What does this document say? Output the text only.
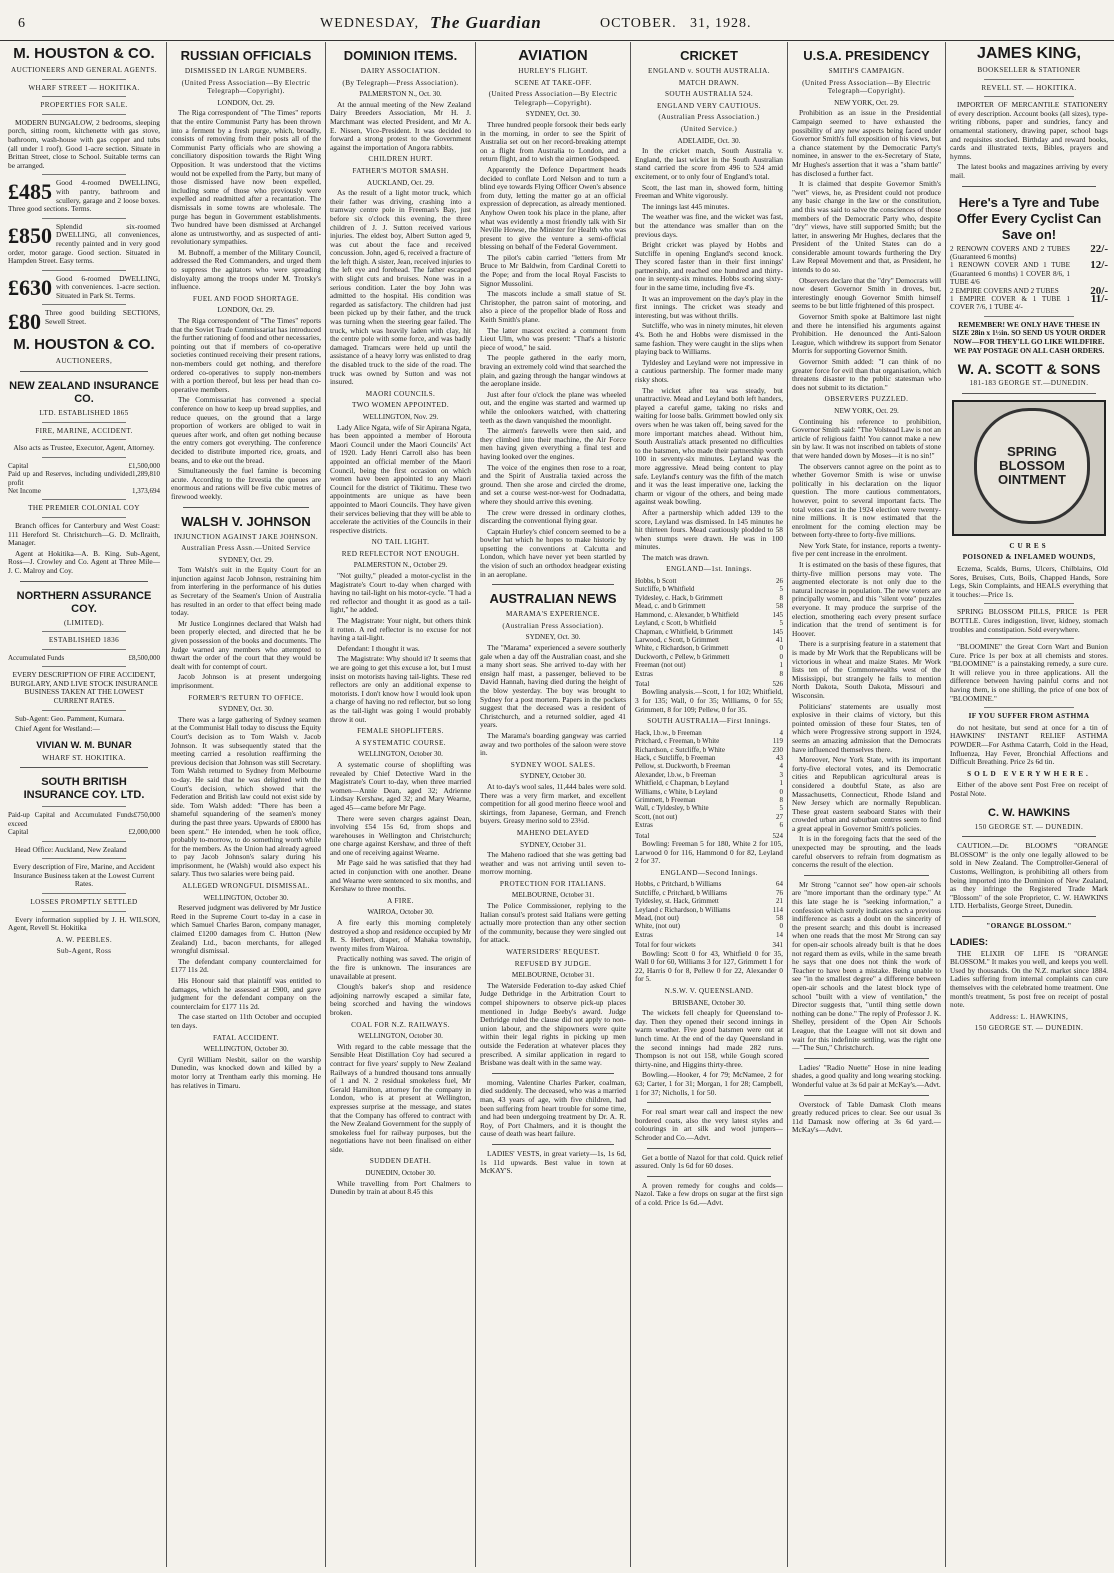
6	WEDNESDAY, The Guardian	OCTOBER. 31, 1928.
M. HOUSTON & CO.
AUCTIONEERS AND GENERAL AGENTS.
WHARF STREET — HOKITIKA.
PROPERTIES FOR SALE.

MODERN BUNGALOW, 2 bedrooms, sleeping porch, sitting room, kitchenette with gas stove, bathroom, wash-house with gas copper and tubs (all under 1 roof). Good 1-acre section. Situate in Brittan Street, close to School. Suitable terms can be arranged.

£485 Good 4-roomed DWELLING, with pantry, bathroom and scullery, garage and 2 loose boxes. Three good sections. Terms.
£850 Splendid six-roomed DWELLING, all conveniences, recently painted and in very good order, motor garage. Good section. Situated in Hampden Street. Easy terms.
£630 Good 6-roomed DWELLING, with conveniences. 1-acre section. Situated in Park St. Terms.
£80 Three good building SECTIONS, Sewell Street.
M. HOUSTON & CO.
AUCTIONEERS,
NEW ZEALAND INSURANCE CO.
LTD. ESTABLISHED 1865
FIRE, MARINE, ACCIDENT.
Also acts as Trustee, Executor, Agent, Attorney.
Capital	£1,500,000
Paid up and Reserves, including undivided profit
1,289,810
Net Income	1,373,694
THE PREMIER COLONIAL COY

Branch offices for Canterbury and West Coast: 111 Hereford St. Christchurch—G. D. McIlraith, Manager.

Agent at Hokitika—A. B. King. Sub-Agent, Ross—J. Crowley and Co. Agent at Three Mile—J. C. Malroy and Coy.

NORTHERN ASSURANCE COY.
(LIMITED).
ESTABLISHED 1836
Accumulated Funds	£8,500,000
EVERY DESCRIPTION OF FIRE ACCIDENT, BURGLARY, AND LIVE STOCK INSURANCE BUSINESS TAKEN AT THE LOWEST CURRENT RATES.

Sub-Agent: Geo. Pamment, Kumara.

Chief Agent for Westland:—

VIVIAN W. M. BUNAR
WHARF ST. HOKITIKA.
SOUTH BRITISH INSURANCE COY. LTD.
Paid-up Capital and Accumulated Funds exceed
£750,000
Capital	£2,000,000

Head Office: Auckland, New Zealand

Every description of Fire, Marine, and Accident Insurance Business taken at the Lowest Current Rates.
LOSSES PROMPTLY SETTLED

Every information supplied by J. H. WILSON, Agent, Revell St. Hokitika

A. W. PEEBLES.
Sub-Agent, Ross
RUSSIAN OFFICIALS
DISMISSED IN LARGE NUMBERS.
(United Press Association—By Electric Telegraph—Copyright).
LONDON, Oct. 29.

The Riga correspondent of "The Times" reports that the entire Communist Party has been thrown into a ferment by a fresh purge, which, broadly, consists of removing from their posts all of the Communist Party officials who are showing a conciliatory disposition towards the Right Wing Opposition. It was understood that the victims would not be expelled from the Party, but many of those dismissed have now been expelled, including some of those who previously were expelled and readmitted after a recantation. The dismissals in some towns are wholesale. The purge has begun in Government establishments. Two hundred have been dismissed at Archangel alone as untrustworthy, and as suspected of anti-revolutionary sympathies.

M. Bubnoff, a member of the Military Council, addressed the Red Commanders, and urged them to suppress the agitators who were spreading disloyalty among the troops under M. Trotsky's influence.

FUEL AND FOOD SHORTAGE.
LONDON, Oct. 29.

The Riga correspondent of "The Times" reports that the Soviet Trade Commissariat has introduced the further rationing of food and other necessaries, pointing out that if members of co-operative societies continued receiving their present rations, non-members could get nothing, and therefore ordered co-operatives to supply non-members with a portion thereof, but less per head than co-operative members.

The Commissariat has convened a special conference on how to keep up bread supplies, and reduce queues, on the ground that a large proportion of workers are obliged to wait in queues after work, and often get nothing because the entry comers got everything. The conference decided to distribute imported rice, groats, and beans, and to eke out the bread.

Simultaneously the fuel famine is becoming acute. According to the Izvestia the queues are enormous and rations will be five cubic metres of firewood weekly.

WALSH V. JOHNSON
INJUNCTION AGAINST JAKE JOHNSON.
Australian Press Assn.—United Service
SYDNEY, Oct. 29.

Tom Walsh's suit in the Equity Court for an injunction against Jacob Johnson, restraining him from interfering in the performance of his duties as Secretary of the Seamen's Union of Australia has resulted in an order to that effect being made today.

Mr Justice Longinnes declared that Walsh had been properly elected, and directed that he be given possession of the books and documents. The Judge warned any members who attempted to thwart the order of the court that they would be dealt with for contempt of court.

Jacob Johnson is at present undergoing imprisonment.

FORMER'S RETURN TO OFFICE.
SYDNEY, Oct. 30.

There was a large gathering of Sydney seamen at the Communist Hall today to discuss the Equity Court's decision as to Tom Walsh v. Jacob Johnson. It was subsequently stated that the meeting carried a resolution reaffirming the previous decision that Johnson was still Secretary. Tom Walsh returned to Sydney from Melbourne to-day. He said that he was delighted with the Court's decision, which showed that the Federation and British law could not exist side by side. Tom Walsh added: "There has been a shameful squandering of the seamen's money during the past three years. Upwards of £8000 has been spent." He intended, when he took office, probably to-morrow, to do something worth while for the members. As the Union had already agreed to pay Jacob Johnson's salary during his imprisonment, he (Walsh) would also expect his salary. Thus two salaries were being paid.

ALLEGED WRONGFUL DISMISSAL.
WELLINGTON, October 30.

Reserved judgment was delivered by Mr Justice Reed in the Supreme Court to-day in a case in which Samuel Charles Baron, company manager, claimed £1200 damages from C. Hutton (New Zealand) Ltd., bacon merchants, for alleged wrongful dismissal.

The defendant company counterclaimed for £177 11s 2d.

His Honour said that plaintiff was entitled to damages, which he assessed at £900, and gave judgment for the defendant company on the counterclaim for £177 11s 2d.

The case started on 11th October and occupied ten days.

FATAL ACCIDENT.
WELLINGTON, October 30.

Cyril William Nesbit, sailor on the warship Dunedin, was knocked down and killed by a motor lorry at Trentham early this morning. He has relatives in Timaru.

DOMINION ITEMS.
DAIRY ASSOCIATION.
(By Telegraph—Press Association).
PALMERSTON N., Oct. 30.

At the annual meeting of the New Zealand Dairy Breeders Association, Mr H. J. Marchmant was elected President, and Mr A. E. Nissen, Vice-President. It was decided to forward a strong protest to the Government against the importation of Angora rabbits.

CHILDREN HURT.
FATHER'S MOTOR SMASH.
AUCKLAND, Oct. 29.

As the result of a light motor truck, which their father was driving, crashing into a tramway centre pole in Freeman's Bay, just before six o'clock this evening, the three children of J. J. Sutton received various injuries. The eldest boy, Albert Sutton aged 9, was cut about the face and received concussion. John, aged 6, received a fracture of the left thigh. A sister, Jean, received injuries to the left eye and forehead. The father escaped with slight cuts and bruises. None was in a serious condition. Later the boy John was admitted to the hospital. His condition was regarded as satisfactory. The children had just been picked up by their father, and the truck was turning when the steering gear failed. The truck, which was heavily laden with clay, hit the centre pole with some force, and was badly damaged. Tramcars were held up until the assistance of a heavy lorry was enlisted to drag the disabled truck to the side of the road. The truck was owned by Sutton and was not insured.

MAORI COUNCILS.
TWO WOMEN APPOINTED.
WELLINGTON, Nov. 29.

Lady Alice Ngata, wife of Sir Apirana Ngata, has been appointed a member of Horouta Maori Council under the Maori Councils' Act of 1920. Lady Henri Carroll also has been appointed an official member of the Maori Council, being the first occasion on which women have been appointed to any Maori Council for the district of Tikitimu. These two appointments are unique as have been appointed to Maori Councils. They have given their services believing that they will be able to accelerate the activities of the Councils in their respective districts.

NO TAIL LIGHT.
RED REFLECTOR NOT ENOUGH.
PALMERSTON N., October 29.

"Not guilty," pleaded a motor-cyclist in the Magistrate's Court to-day when charged with having no tail-light on his motor-cycle. "I had a red reflector and thought it as good as a tail-light," he added.

The Magistrate: Your night, but others think it rotten. A red reflector is no excuse for not having a tail-light.

Defendant: I thought it was.

The Magistrate: Why should it? It seems that we are going to get this excuse a lot, but I must insist on motorists having tail-lights. These red reflectors are only an additional expense to motorists. I don't know how I would look upon a charge of having no red reflector, but so long as the tail-light was going I would probably throw it out.

FEMALE SHOPLIFTERS.
A SYSTEMATIC COURSE.
WELLINGTON, October 30.

A systematic course of shoplifting was revealed by Chief Detective Ward in the Magistrate's Court to-day, when three married women—Annie Dean, aged 32; Adrienne Lindsay Kershaw, aged 32; and Mary Wearne, aged 45—came before Mr Page.

There were seven charges against Dean, involving £54 15s 6d, from shops and warehouses in Wellington and Christchurch; one charge against Kershaw, and three of theft and one of receiving against Wearne.

Mr Page said he was satisfied that they had acted in conjunction with one another. Deane and Wearne were sentenced to six months, and Kershaw to three months.

A FIRE.
WAIROA, October 30.

A fire early this morning completely destroyed a shop and residence occupied by Mr R. S. Herbert, draper, of Mahaka township, twenty miles from Wairoa.

Practically nothing was saved. The origin of the fire is unknown. The insurances are unavailable at present.

Clough's baker's shop and residence adjoining narrowly escaped a similar fate, being scorched and having the windows broken.

COAL FOR N.Z. RAILWAYS.
WELLINGTON, October 30.

With regard to the cable message that the Sensible Heat Distillation Coy had secured a contract for five years' supply to New Zealand Railways of a hundred thousand tons annually of 1 and N. 2 residual smokeless fuel, Mr Gerald Hamilton, attorney for the company in London, who is at present at Wellington, expresses surprise at the message, and states that the Company has offered to contract with the New Zealand Government for the supply of smokeless fuel for railway purposes, but the negotiations have not been finalised on either side.

SUDDEN DEATH.
DUNEDIN, October 30.

While travelling from Port Chalmers to Dunedin by train at about 8.45 this

AVIATION
HURLEY'S FLIGHT.
SCENE AT TAKE-OFF.
(United Press Association—By Electric Telegraph—Copyright).
SYDNEY, Oct. 30.

Three hundred people forsook their beds early in the morning, in order to see the Spirit of Australia set out on her record-breaking attempt on a flight from Australia to London, and a return flight, and to wish the airmen Godspeed.

Apparently the Defence Department heads decided to conflate Lord Nelson and to turn a blind eye towards Flying Officer Owen's absence from duty, letting the matter go at an official expression of deprecation, as already mentioned. Anyhow Owen took his place in the plane, after what was evidently a most friendly talk with Sir Neville Howse, the Minister for Health who was present to give the venture a semi-official blessing on behalf of the Federal Government.

The pilot's cabin carried "letters from Mr Bruce to Mr Baldwin, from Cardinal Coretti to the Pope; and from the local Royal Fascists to Signor Mussolini.

The mascots include a small statue of St. Christopher, the patron saint of motoring, and also a piece of the propellor blade of Ross and Keith Smith's plane.

The latter mascot excited a comment from Lieut Ulm, who was present: "That's a historic piece of wood," he said.

The people gathered in the early morn, braving an extremely cold wind that searched the plain, and gazing through the hangar windows at the aeroplane inside.

Just after four o'clock the plane was wheeled out, and the engine was started and warmed up while the onlookers watched, with chattering teeth as the dawn vanquished the moonlight.

The airmen's farewells were then said, and they climbed into their machine, the Air Force men having given everything a final test and having looked over the engines.

The voice of the engines then rose to a roar, and the Spirit of Australia taxied across the ground. Then she arose and circled the drome, and set a course west-nor-west for Oodnadatta, where they should arrive this evening.

The crew were dressed in ordinary clothes, discarding the conventional flying gear.

Captain Hurley's chief concern seemed to be a bowler hat which he hopes to make historic by upsetting the conventions at Calcutta and London, which have never yet been startled by the vision of such an orthodox headgear existing in an aeroplane.

AUSTRALIAN NEWS
MARAMA'S EXPERIENCE.
(Australian Press Association).
SYDNEY, Oct. 30.

The "Marama" experienced a severe southerly gale when a day off the Australian coast, and she a many short seas. She arrived to-day with her ensign half mast, a passenger, believed to be David Hannah, having died during the height of the blow yesterday. The boy was brought to Sydney for a post mortem. Papers in the pockets suggest that the deceased was a resident of Christchurch, and a returned soldier, aged 41 years.

The Marama's boarding gangway was carried away and two portholes of the saloon were stove in.

SYDNEY WOOL SALES.
SYDNEY, October 30.

At to-day's wool sales, 11,444 bales were sold. There was a very firm market, and excellent competition for all good merino fleece wool and skirtings, from Japanese, German, and French buyers. Greasy merino sold to 23½d.

MAHENO DELAYED
SYDNEY, October 31.

The Maheno radioed that she was getting bad weather and was not arriving until seven to-morrow morning.

PROTECTION FOR ITALIANS.
MELBOURNE, October 31.

The Police Commissioner, replying to the Italian consul's protest said Italians were getting actually more protection than any other section of the community, because they were singled out for attack.

WATERSIDERS' REQUEST.
REFUSED BY JUDGE.
MELBOURNE, October 31.

The Waterside Federation to-day asked Chief Judge Dethridge in the Arbitration Court to compel shipowners to observe pick-up places mentioned in Judge Beeby's award. Judge Dethridge ruled the clause did not apply to non-union labour, and the shipowners were quite within their legal rights in picking up men outside the Federation at whatever places they prescribed. A similar application in regard to Brisbane was dealt with in the same way.

morning, Valentine Charles Parker, coalman, died suddenly. The deceased, who was a married man, 43 years of age, with five children, had been suffering from heart trouble for some time, and had been undergoing treatment by Dr. A. R. Roy, of Port Chalmers, and it is thought the cause of death was heart failure.

LADIES' VESTS, in great variety—1s, 1s 6d, 1s 11d upwards. Best value in town at McKAY'S.

CRICKET
ENGLAND v. SOUTH AUSTRALIA.
MATCH DRAWN.
SOUTH AUSTRALIA 524.
ENGLAND VERY CAUTIOUS.
(Australian Press Association.)
(United Service.)
ADELAIDE, Oct. 30.

In the cricket match, South Australia v. England, the last wicket in the South Australian stand carried the score from 496 to 524 amid excitement, or to only four of England's total.

Scott, the last man in, showed form, hitting Freeman and White vigorously.

The innings last 445 minutes.

The weather was fine, and the wicket was fast, but the attendance was smaller than on the previous days.

Bright cricket was played by Hobbs and Sutcliffe in opening England's second knock. They scored faster than in their first innings' partnership, and reached one hundred and thirty-one in seventy-six minutes. Hobbs scoring sixty-four in the same time, including five 4's.

It was an improvement on the day's play in the first innings. The cricket was steady and interesting, but was without thrills.

Sutcliffe, who was in ninety minutes, hit eleven 4's. Both he and Hobbs were dismissed in the same fashion. They were caught in the slips when playing back to Williams.

Tyldesley and Leyland were not impressive in a cautious partnership. The former made many risky shots.

The wicket after tea was steady, but unattractive. Mead and Leyland both left handers, played a careful game, taking no risks and waiting for loose balls. Grimmett bowled only six overs when he was taken off, being saved for the more important matches ahead. Without him, South Australia's attack presented no difficulties to the batsmen, who made their partnership worth 100 in seventy-six minutes. Leyland was the more aggressive. Mead being content to play safe. Leyland's century was the fifth of the match and it was the least imperative one, lacking the charm or vigour of the others, and being made against weak bowling.

After a partnership which added 139 to the score, Leyland was dismissed. In 145 minutes he hit thirteen fours. Mead cautiously plodded to 58 when stumps were drawn. He was in 100 minutes.

The match was drawn.

ENGLAND—1st. Innings.
Hobbs, b Scott	26
Sutcliffe, b Whitfield	5
Tyldesley, c. Hack, b Grimmett	8
Mead, c. and b Grimmett	58
Hammond, c. Alexander, b Whitfield	145
Leyland, c Scott, b Whitfield	5
Chapman, c Whitfield, b Grimmett	145
Larwood, c Scott, b Grimmett	41
White, c Richardson, b Grimmett	0
Duckworth, c Pellew, b Grimmett	0
Freeman (not out)	1
Extras	8
Total	526

Bowling analysis.—Scott, 1 for 102; Whitfield, 3 for 135; Wall, 0 for 35; Williams, 0 for 55; Grimmett, 8 for 109; Pellew, 0 for 35.

SOUTH AUSTRALIA—First Innings.
Hack, l.b.w., b Freeman	4
Pritchard, c Freeman, b White	119
Richardson, c Sutcliffe, b White	230
Hack, c Sutcliffe, b Freeman	43
Pellow, st. Duckworth, b Freeman	4
Alexander, l.b.w., b Freeman	3
Whitfield, c Chapman, b Leyland	1
Williams, c White, b Leyland	0
Grimmett, b Freeman	8
Wall, c Tyldesley, b White	5
Scott, (not out)	27
Extras	6
Total	524

Bowling: Freeman 5 for 180, White 2 for 105, Larwood 0 for 116, Hammond 0 for 82, Leyland 2 for 37.

ENGLAND—Second Innings.
Hobbs, c Pritchard, b Williams	64
Sutcliffe, c Pritchard, b Williams	76
Tyldesley, st. Hack, Grimmett	21
Leyland c Richardson, b Williams	114
Mead, (not out)	58
White, (not out)	0
Extras	14
Total for four wickets	341

Bowling: Scott 0 for 43, Whitfield 0 for 35, Wall 0 for 60, Williams 3 for 127, Grimmett 1 for 22, Harris 0 for 8, Pellew 0 for 22, Alexander 0 for 5.

N.S.W. V. QUEENSLAND.
BRISBANE, October 30.

The wickets fell cheaply for Queensland to-day. Then they opened their second innings in warm weather. Five good batsmen were out at lunch time. At the end of the day Queensland in the second innings had made 282 runs. Thompson is not out 158, while Gough scored thirty-nine, and Higgins thirty-three.

Bowling.—Hooker, 4 for 79; McNamee, 2 for 63; Carter, 1 for 31; Morgan, 1 for 28; Campbell, 1 for 37; Nicholls, 1 for 50.

For real smart wear call and inspect the new bordered coats, also the very latest styles and colourings in art silk and wool jumpers—Schroder and Co.—Advt.

Get a bottle of Nazol for that cold. Quick relief assured. Only 1s 6d for 60 doses.

A proven remedy for coughs and colds—Nazol. Take a few drops on sugar at the first sign of a cold. Price 1s 6d.—Advt.

U.S.A. PRESIDENCY
SMITH'S CAMPAIGN.
(United Press Association—By Electric Telegraph—Copyright).
NEW YORK, Oct. 29.

Prohibition as an issue in the Presidential Campaign seemed to have exhausted the possibility of any new aspects being faced under Governor Smith's full exposition of his views, but a chance statement by the Democratic Party's nominee, in answer to the ex-Secretary of State, Mr Hughes's assertion that it was a "sham battle" has disclosed a further fact.

It is claimed that despite Governor Smith's "wet" views, he, as President could not produce any basic change in the law or the constitution, and this was said to salve the consciences of those members of the Democratic Party who, despite "dry" views, have still supported Smith; but the latter, in answering Mr Hughes, declares that the President of the United States can do a considerable amount towards furthering the Dry Law Repeal Movement and that, as President, he intends to do so.

Observers declare that the "dry" Democrats will now desert Governor Smith in droves, but, interestingly enough Governor Smith himself seems to be but little frightened of this prospect.

Governor Smith spoke at Baltimore last night and there he intensified his arguments against Prohibition. He denounced the Anti-Saloon League, which withdrew its support from Senator Morris for supporting Governor Smith.

Governor Smith added: "I can think of no greater force for evil than that organisation, which threatens disaster to the public statesman who does not submit to its dictation."

OBSERVERS PUZZLED.
NEW YORK, Oct. 29.

Continuing his reference to prohibition, Governor Smith said: "The Volstead Law is not an article of religious faith! You cannot make a new sin by law. It was not inscribed on tablets of stone that were handed down by Moses—it is no sin!"

The observers cannot agree on the point as to whether Governor Smith is wise or unwise politically in his declaration on the liquor question. The more cautious commentators, however, point to several important facts. The total votes cast in the 1924 election were twenty-nine millions. It is now estimated that the enrolment for the coming election may be between forty-three to forty-five millions.

New York State, for instance, reports a twenty-five per cent increase in the enrolment.

It is estimated on the basis of these figures, that thirty-five million persons may vote. The augmented electorate is not only due to the natural increase in population. The new voters are principally women, and this "silent vote" puzzles everyone. It may produce the surprise of the election, smothering each every present surface indication that the trend of sentiment is for Hoover.

There is a surprising feature in a statement that is made by Mr Work that the Republicans will be victorious in wheat and maize States. Mr Work lists ten of the Commonwealths west of the Mississippi, but strangely he fails to mention North Dakota, South Dakota, Missouri and Wisconsin.

Politicians' statements are usually most explosive in their claims of victory, but this pointed omission of these four States, ten of which were Progressive strong support in 1924, seems an amazing admission that the Democrats have influenced themselves there.

Moreover, New York State, with its important forty-five electoral votes, and its Democratic cities and Republican agricultural areas is considered a doubtful State, as also are Massachusetts, Connecticut, Rhode Island and New Jersey which are normally Republican. These great eastern seaboard States with their crowded urban and suburban centres seem to find a great appeal in Governor Smith's policies.

It is in the foregoing facts that the seed of the unexpected may be sprouting, and the leads careful observers to refrain from dogmatism as concerns the result of the election.

Mr Strong "cannot see" how open-air schools are "more important than the ordinary type." At this late stage he is "seeking information," a confession which surely indicates such a previous indifference as casts a doubt on the sincerity of the present search; and this doubt is increased when one reads that the most Mr Strong can say for open-air schools already built is that he does not regard them as evils, while in the same breath he says that one does not think the work of Teacher to have been a mistake. Being unable to see "in the smallest degree" a difference between open-air schools and the latest block type of school "built with a view of ventilation," the Director suggests that, "until thing settle down nothing can be done." The reply of Professor J. K. Shelley, president of the Open Air Schools League, that the League will not sit down and wait for this indefinite settling, was the right one—"The Sun," Christchurch.

Ladies' "Radio Nuette" Hose in nine leading shades, a good quality and long wearing stocking. Wonderful value at 3s 6d pair at McKay's.—Advt.

Overstock of Table Damask Cloth means greatly reduced prices to clear. See our usual 3s 11d Damask now offering at 3s 6d yard.—McKay's—Advt.

JAMES KING,
BOOKSELLER & STATIONER
REVELL ST. — HOKITIKA.

IMPORTER OF MERCANTILE STATIONERY of every description. Account books (all sizes), type-writing ribbons, paper and sundries, fancy and ornamental stationery, drawing paper, school bags and requisites stocked. Birthday and reward books, cards and illustrated texts, Bibles, prayers and hymns.

The latest books and magazines arriving by every mail.

Here's a Tyre and Tube Offer Every Cyclist Can Save on!
2 RENOWN COVERS AND 2 TUBES (Guaranteed 6 months)
22/-
1 RENOWN COVER AND 1 TUBE (Guaranteed 6 months) 1 COVER 8/6, 1 TUBE 4/6
12/-
2 EMPIRE COVERS AND 2 TUBES	20/-
1 EMPIRE COVER & 1 TUBE 1 COVER 7/6, 1 TUBE 4/-
11/-
REMEMBER! WE ONLY HAVE THESE IN SIZE 28in x 1½in. SO SEND US YOUR ORDER NOW—FOR THEY'LL GO LIKE WILDFIRE. WE PAY POSTAGE ON ALL CASH ORDERS.
W. A. SCOTT & SONS
181-183 GEORGE ST.—DUNEDIN.
SPRING BLOSSOM OINTMENT
CURES
POISONED & INFLAMED WOUNDS,

Eczema, Scalds, Burns, Ulcers, Chilblains, Old Sores, Bruises, Cuts, Boils, Chapped Hands, Sore Legs, Skin Complaints, and HEALS everything that it touches:—Price 1s.

SPRING BLOSSOM PILLS, PRICE 1s PER BOTTLE. Cures indigestion, liver, kidney, stomach troubles and constipation. Sold everywhere.

"BLOOMINE" the Great Corn Wart and Bunion Cure. Price 1s per box at all chemists and stores. "BLOOMINE" is a painstaking remedy, a sure cure. It will relieve you in three applications. All the difference between having painful corns and not having them, is one shilling, the price of one box of "BLOOMINE."

IF YOU SUFFER FROM ASTHMA

do not hesitate, but send at once for a tin of HAWKINS' INSTANT RELIEF ASTHMA POWDER—For Asthma Catarrh, Cold in the Head, Influenza, Hay Fever, Bronchial Affections and Difficult Breathing. Price 2s 6d tin.

SOLD EVERYWHERE.

Either of the above sent Post Free on receipt of Postal Note.

C. W. HAWKINS
150 GEORGE ST. — DUNEDIN.

CAUTION.—Dr. BLOOM'S "ORANGE BLOSSOM" is the only one legally allowed to be sold in New Zealand. The Comptroller-General of Customs, Wellington, is prohibiting all others from being imported into the Dominion of New Zealand, as they infringe the Registered Trade Mark "Blossom" of the sole Proprietor, C. W. HAWKINS LTD. Herbalists, George Street, Dunedin.

"ORANGE BLOSSOM."
LADIES:

THE ELIXIR OF LIFE IS "ORANGE BLOSSOM." It makes you well, and keeps you well. Used by thousands. On the N.Z. market since 1884. Ladies suffering from internal complaints can cure themselves with the celebrated home treatment. One month's treatment, 5s post free on receipt of postal note.

Address: L. HAWKINS,
150 GEORGE ST. — DUNEDIN.
